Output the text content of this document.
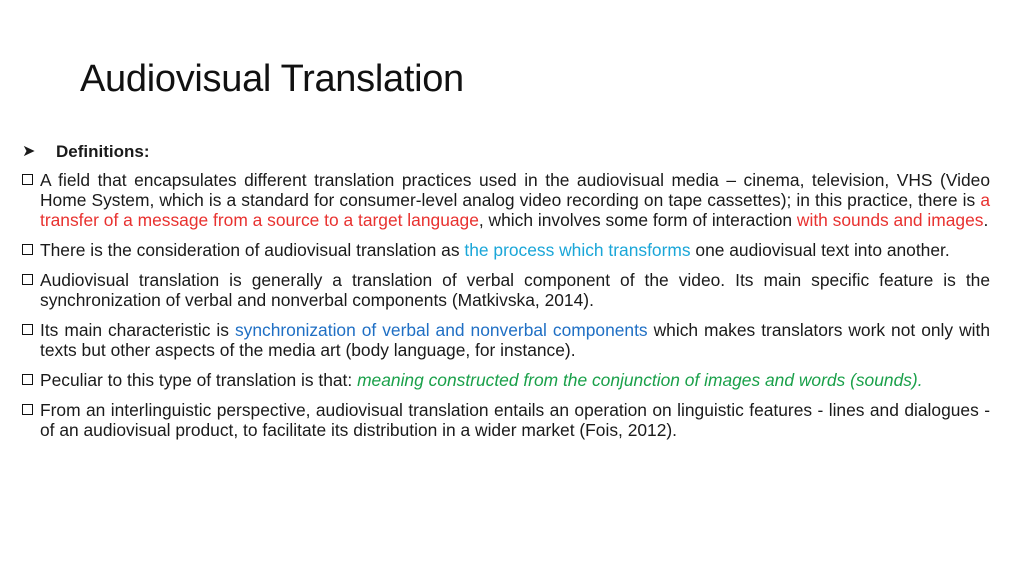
Audiovisual Translation
➤	Definitions:
A field that encapsulates different translation practices used in the audiovisual media – cinema, television, VHS (Video Home System, which is a standard for consumer-level analog video recording on tape cassettes); in this practice, there is a transfer of a message from a source to a target language, which involves some form of interaction with sounds and images.
There is the consideration of audiovisual translation as the process which transforms one audiovisual text into another.
Audiovisual translation is generally a translation of verbal component of the video. Its main specific feature is the synchronization of verbal and nonverbal components (Matkivska, 2014).
Its main characteristic is synchronization of verbal and nonverbal components which makes translators work not only with texts but other aspects of the media art (body language, for instance).
Peculiar to this type of translation is that: meaning constructed from the conjunction of images and words (sounds).
From an interlinguistic perspective, audiovisual translation entails an operation on linguistic features - lines and dialogues - of an audiovisual product, to facilitate its distribution in a wider market (Fois, 2012).
